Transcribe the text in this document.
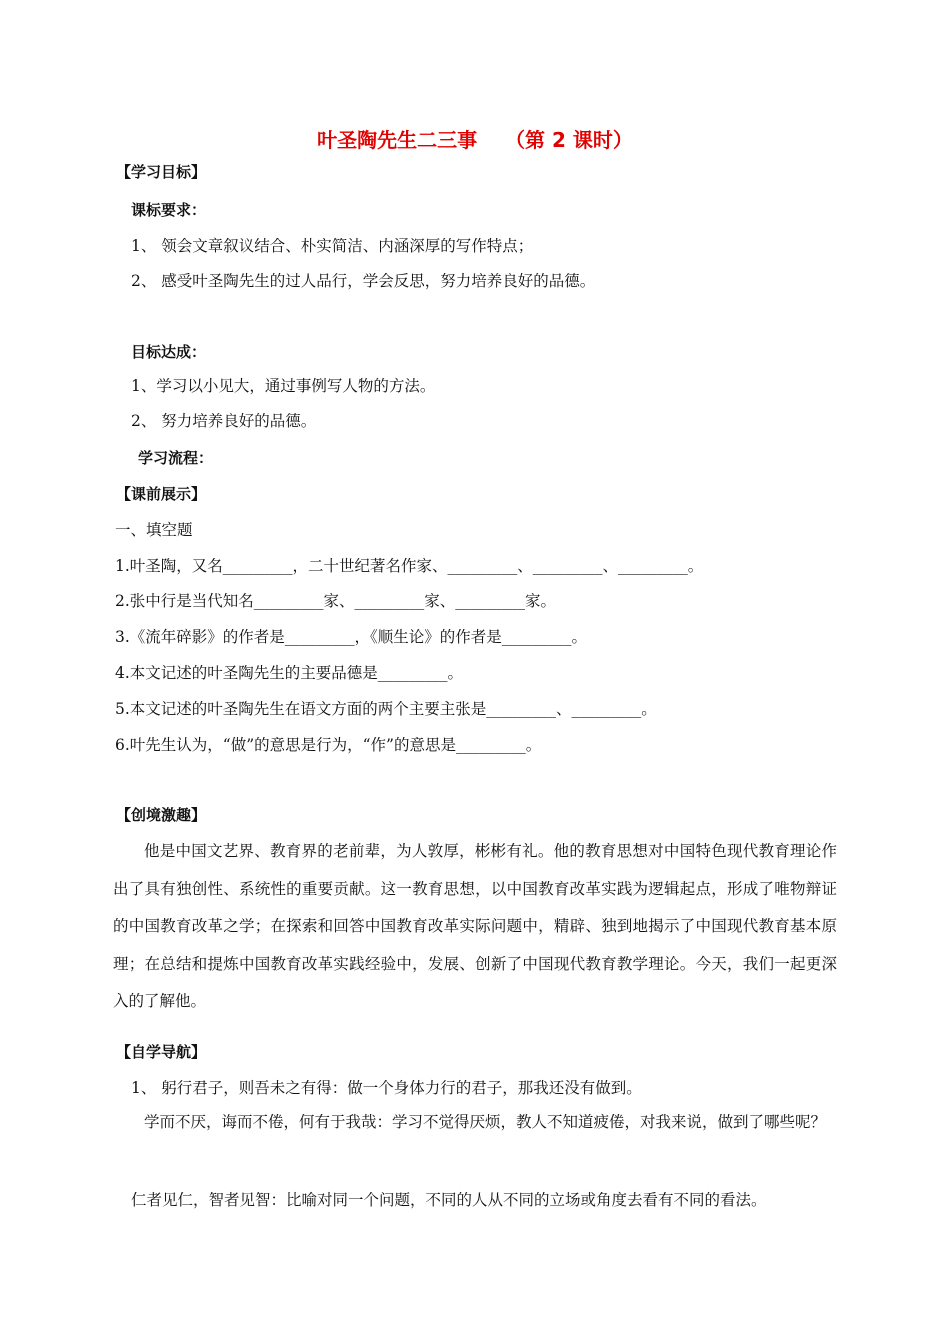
叶圣陶先生二三事    （第 2 课时）
【学习目标】
课标要求：
1、 领会文章叙议结合、朴实简洁、内涵深厚的写作特点；
2、 感受叶圣陶先生的过人品行，学会反思，努力培养良好的品德。
目标达成：
1、学习以小见大，通过事例写人物的方法。
2、 努力培养良好的品德。
学习流程：
【课前展示】
一、填空题
1.叶圣陶，又名_________，二十世纪著名作家、_________、_________、_________。
2.张中行是当代知名_________家、_________家、_________家。
3.《流年碎影》的作者是_________，《顺生论》的作者是_________。
4.本文记述的叶圣陶先生的主要品德是_________。
5.本文记述的叶圣陶先生在语文方面的两个主要主张是_________、_________。
6.叶先生认为，“做”的意思是行为，“作”的意思是_________。
【创境激趣】
他是中国文艺界、教育界的老前辈，为人敦厚，彬彬有礼。他的教育思想对中国特色现代教育理论作出了具有独创性、系统性的重要贡献。这一教育思想，以中国教育改革实践为逻辑起点，形成了唯物辩证的中国教育改革之学；在探索和回答中国教育改革实际问题中，精辟、独到地揭示了中国现代教育基本原理；在总结和提炼中国教育改革实践经验中，发展、创新了中国现代教育教学理论。今天，我们一起更深入的了解他。
【自学导航】
1、 躬行君子，则吾未之有得：做一个身体力行的君子，那我还没有做到。
学而不厌，诲而不倦，何有于我哉：学习不觉得厌烦，教人不知道疲倦，对我来说，做到了哪些呢？
仁者见仁，智者见智：比喻对同一个问题，不同的人从不同的立场或角度去看有不同的看法。
